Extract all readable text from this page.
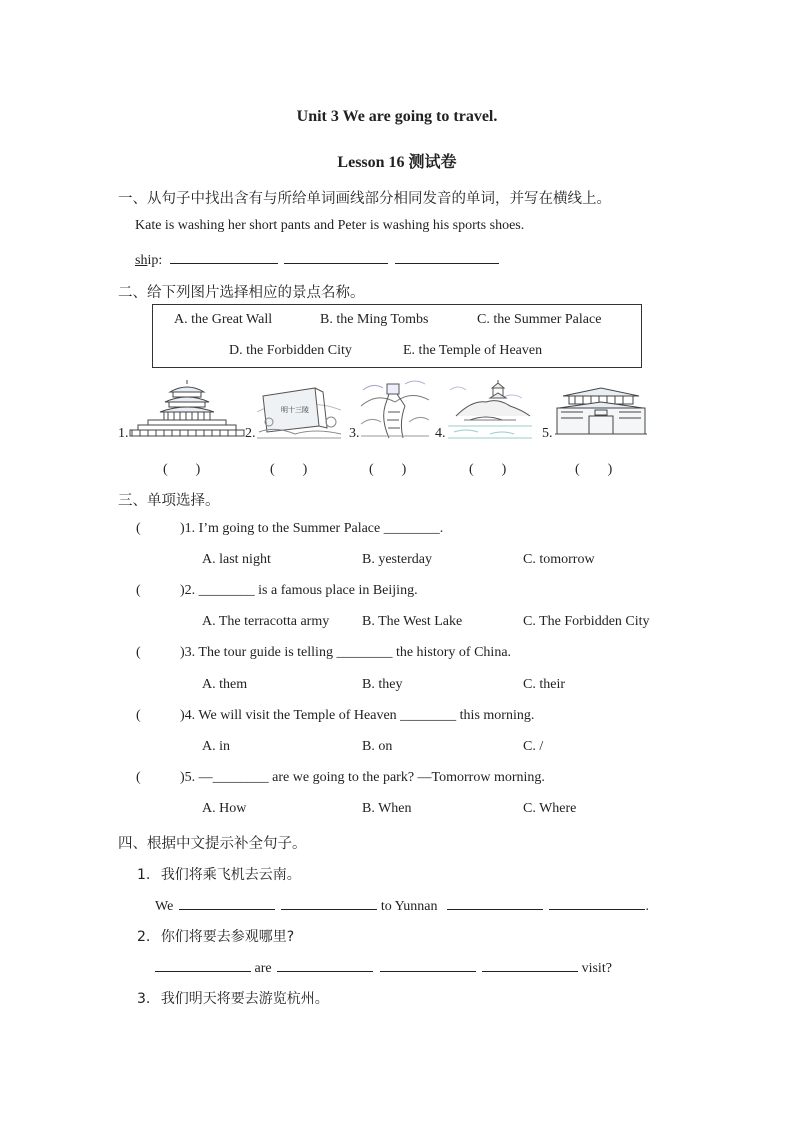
Unit 3 We are going to travel.
Lesson 16 测试卷
一、从句子中找出含有与所给单词画线部分相同发音的单词，并写在横线上。
Kate is washing her short pants and Peter is washing his sports shoes.
ship:
二、给下列图片选择相应的景点名称。
A. the Great Wall	B. the Ming Tombs	C. the Summer Palace
D. the Forbidden City	E. the Temple of Heaven
1.	2.	3.	4.	5.
明十三陵
(　　)	(　　)	(　　)	(　　)	(　　)
三、单项选择。
(	)1. I’m going to the Summer Palace ________.
A. last night	B. yesterday	C. tomorrow
(	)2. ________ is a famous place in Beijing.
A. The terracotta army B. The West Lake	C. The Forbidden City
(	)3. The tour guide is telling ________ the history of China.
A. them	B. they	C. their
(	)4. We will visit the Temple of Heaven ________ this morning.
A. in	B. on	C. /
(	)5. —________ are we going to the park? —Tomorrow morning.
A. How	B. When	C. Where
四、根据中文提示补全句子。
1. 我们将乘飞机去云南。
We	to Yunnan	.
2. 你们将要去参观哪里?
are	visit?
3. 我们明天将要去游览杭州。
